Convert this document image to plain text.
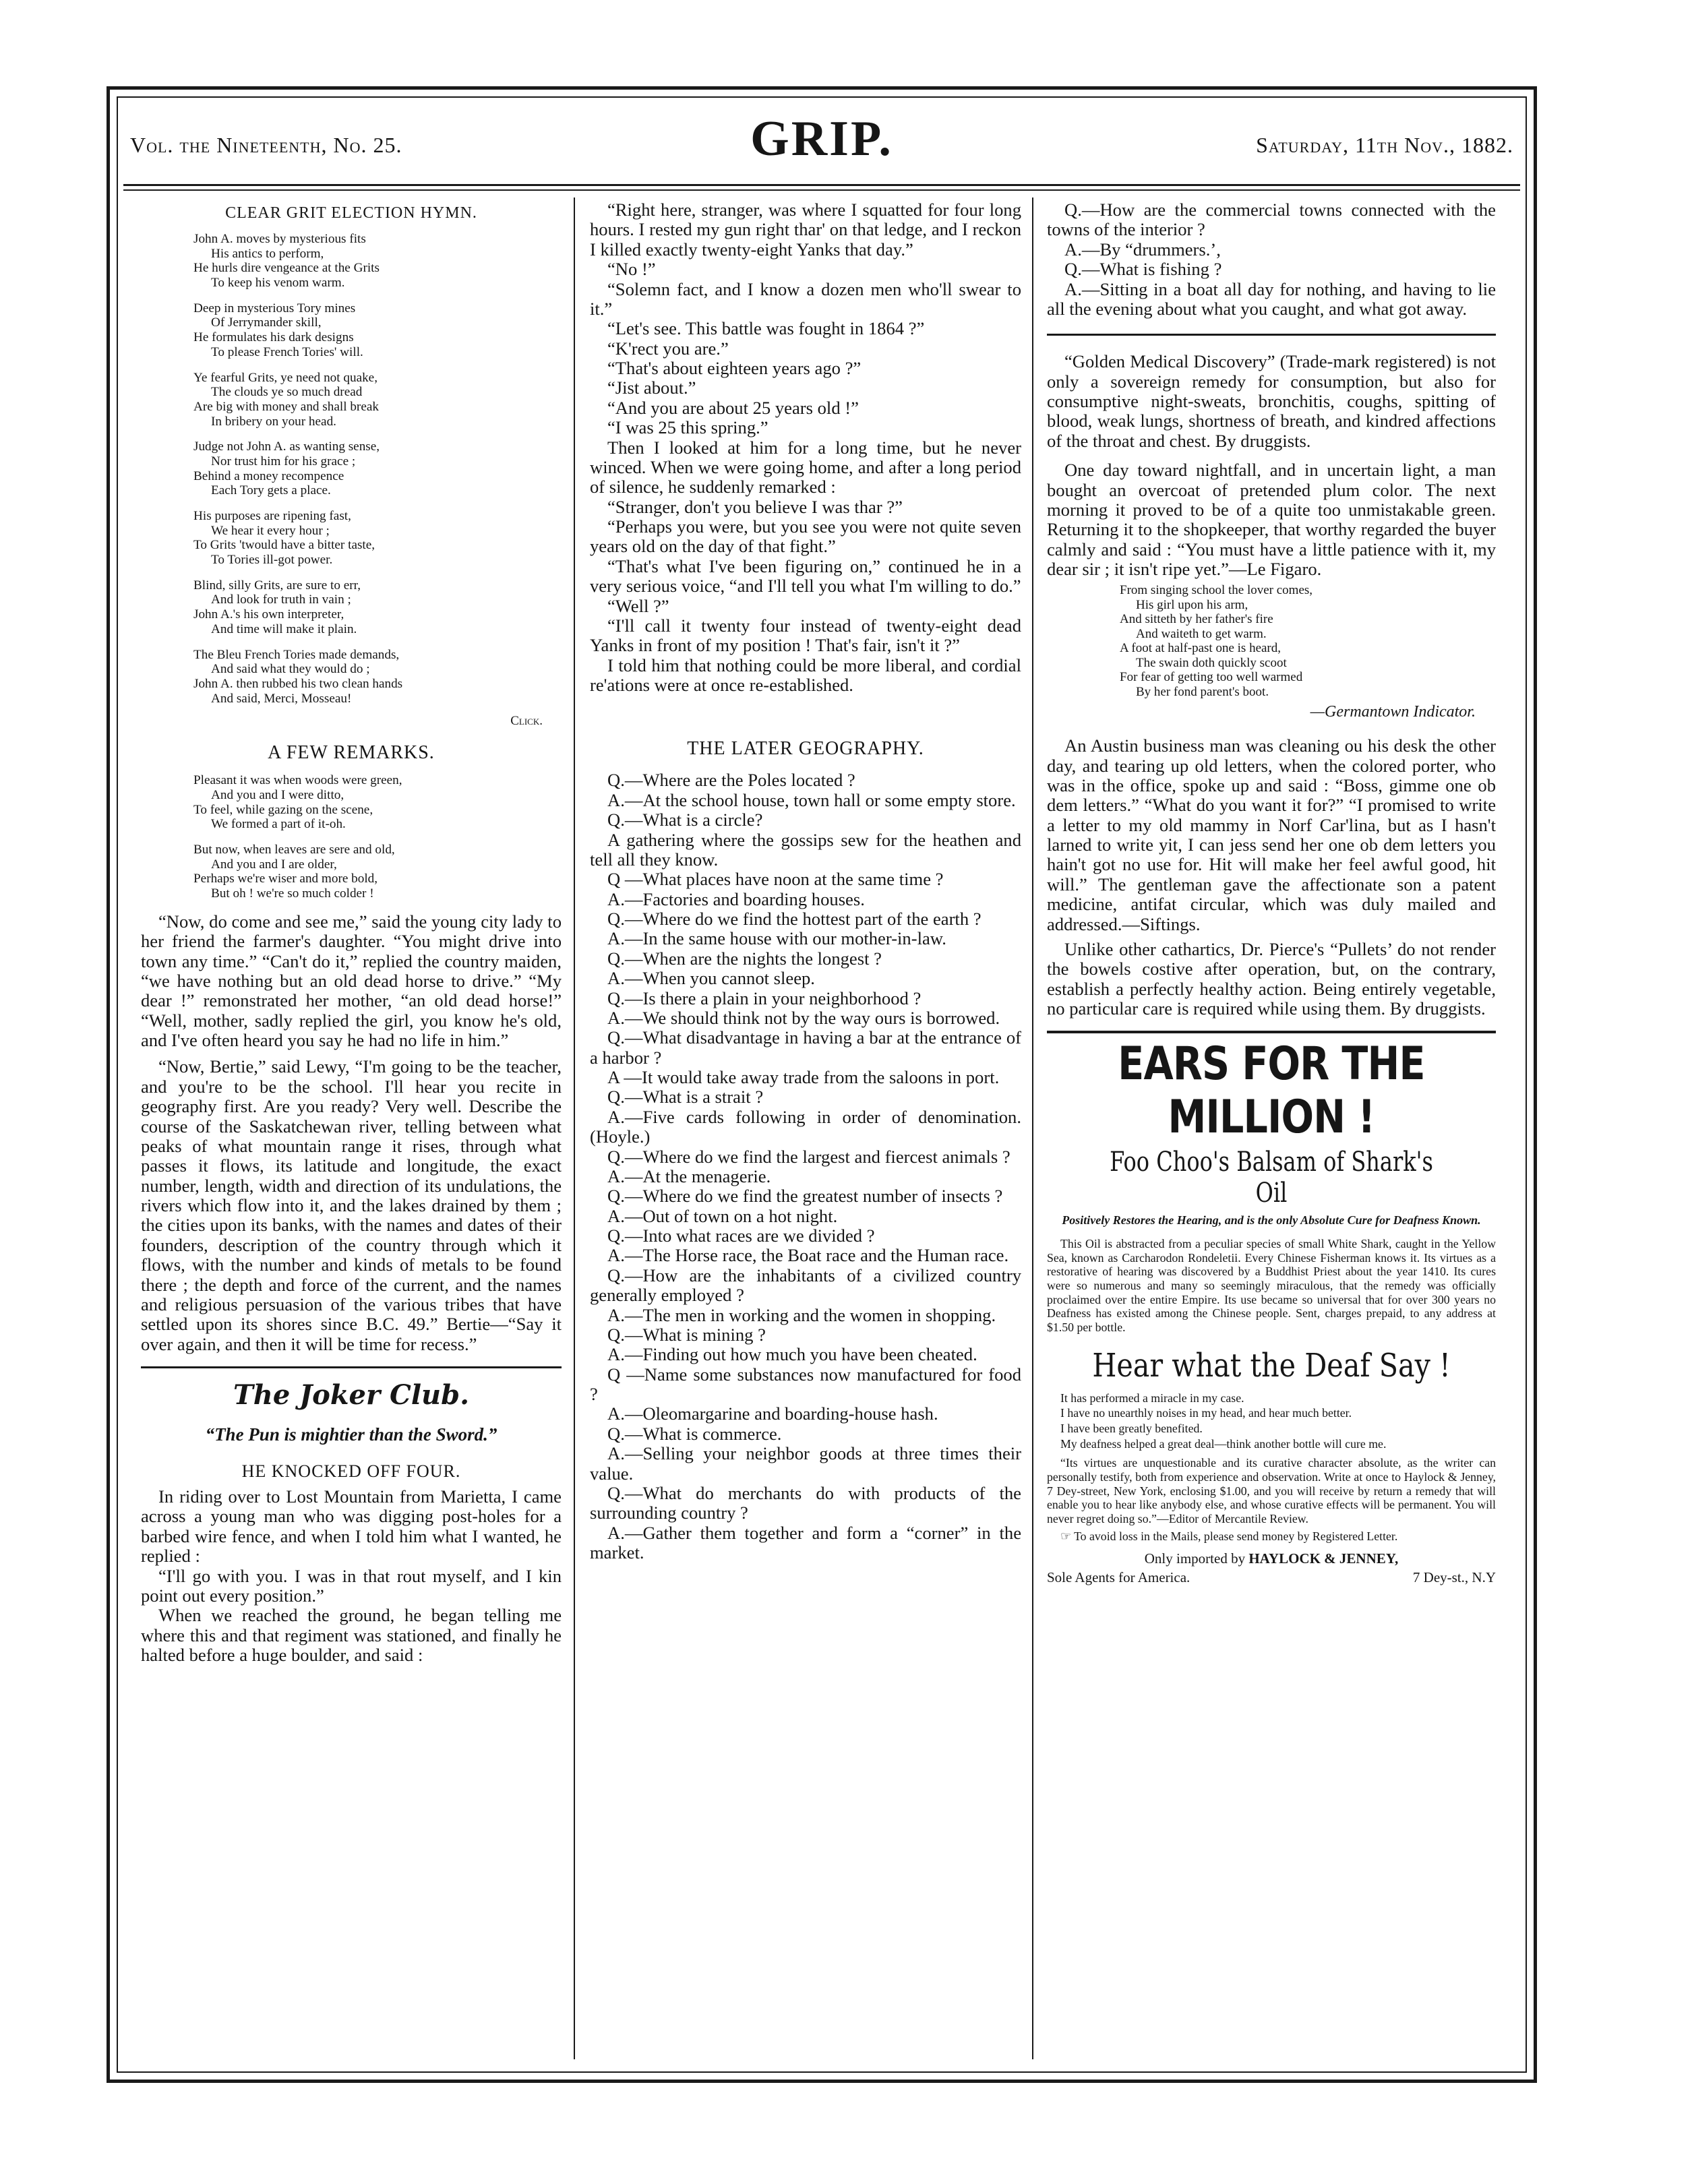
Vol. the Nineteenth, No. 25.	GRIP.	Saturday, 11th Nov., 1882.
CLEAR GRIT ELECTION HYMN.
John A. moves by mysterious fits
His antics to perform,
He hurls dire vengeance at the Grits
To keep his venom warm.
Deep in mysterious Tory mines
Of Jerrymander skill,
He formulates his dark designs
To please French Tories' will.
Ye fearful Grits, ye need not quake,
The clouds ye so much dread
Are big with money and shall break
In bribery on your head.
Judge not John A. as wanting sense,
Nor trust him for his grace ;
Behind a money recompence
Each Tory gets a place.
His purposes are ripening fast,
We hear it every hour ;
To Grits 'twould have a bitter taste,
To Tories ill-got power.
Blind, silly Grits, are sure to err,
And look for truth in vain ;
John A.'s his own interpreter,
And time will make it plain.
The Bleu French Tories made demands,
And said what they would do ;
John A. then rubbed his two clean hands
And said, Merci, Mosseau!
Click.
A FEW REMARKS.
Pleasant it was when woods were green,
And you and I were ditto,
To feel, while gazing on the scene,
We formed a part of it-oh.
But now, when leaves are sere and old,
And you and I are older,
Perhaps we're wiser and more bold,
But oh ! we're so much colder !

“Now, do come and see me,” said the young city lady to her friend the farmer's daughter. “You might drive into town any time.” “Can't do it,” replied the country maiden, “we have nothing but an old dead horse to drive.” “My dear !” remonstrated her mother, “an old dead horse!” “Well, mother, sadly replied the girl, you know he's old, and I've often heard you say he had no life in him.”

“Now, Bertie,” said Lewy, “I'm going to be the teacher, and you're to be the school. I'll hear you recite in geography first. Are you ready? Very well. Describe the course of the Saskatchewan river, telling between what peaks of what mountain range it rises, through what passes it flows, its latitude and longitude, the exact number, length, width and direction of its undulations, the rivers which flow into it, and the lakes drained by them ; the cities upon its banks, with the names and dates of their founders, description of the country through which it flows, with the number and kinds of metals to be found there ; the depth and force of the current, and the names and religious persuasion of the various tribes that have settled upon its shores since B.C. 49.” Bertie—“Say it over again, and then it will be time for recess.”

The Joker Club.
“The Pun is mightier than the Sword.”
HE KNOCKED OFF FOUR.

In riding over to Lost Mountain from Marietta, I came across a young man who was digging post-holes for a barbed wire fence, and when I told him what I wanted, he replied :

“I'll go with you. I was in that rout myself, and I kin point out every position.”

When we reached the ground, he began telling me where this and that regiment was stationed, and finally he halted before a huge boulder, and said :

“Right here, stranger, was where I squatted for four long hours. I rested my gun right thar' on that ledge, and I reckon I killed exactly twenty-eight Yanks that day.”

“No !”

“Solemn fact, and I know a dozen men who'll swear to it.”

“Let's see. This battle was fought in 1864 ?”

“K'rect you are.”

“That's about eighteen years ago ?”

“Jist about.”

“And you are about 25 years old !”

“I was 25 this spring.”

Then I looked at him for a long time, but he never winced. When we were going home, and after a long period of silence, he suddenly remarked :

“Stranger, don't you believe I was thar ?”

“Perhaps you were, but you see you were not quite seven years old on the day of that fight.”

“That's what I've been figuring on,” continued he in a very serious voice, “and I'll tell you what I'm willing to do.”

“Well ?”

“I'll call it twenty four instead of twenty-eight dead Yanks in front of my position ! That's fair, isn't it ?”

I told him that nothing could be more liberal, and cordial re'ations were at once re-established.

THE LATER GEOGRAPHY.

Q.—Where are the Poles located ?

A.—At the school house, town hall or some empty store.

Q.—What is a circle?

A gathering where the gossips sew for the heathen and tell all they know.

Q —What places have noon at the same time ?

A.—Factories and boarding houses.

Q.—Where do we find the hottest part of the earth ?

A.—In the same house with our mother-in-law.

Q.—When are the nights the longest ?

A.—When you cannot sleep.

Q.—Is there a plain in your neighborhood ?

A.—We should think not by the way ours is borrowed.

Q.—What disadvantage in having a bar at the entrance of a harbor ?

A —It would take away trade from the saloons in port.

Q.—What is a strait ?

A.—Five cards following in order of denomination. (Hoyle.)

Q.—Where do we find the largest and fiercest animals ?

A.—At the menagerie.

Q.—Where do we find the greatest number of insects ?

A.—Out of town on a hot night.

Q.—Into what races are we divided ?

A.—The Horse race, the Boat race and the Human race.

Q.—How are the inhabitants of a civilized country generally employed ?

A.—The men in working and the women in shopping.

Q.—What is mining ?

A.—Finding out how much you have been cheated.

Q —Name some substances now manufactured for food ?

A.—Oleomargarine and boarding-house hash.

Q.—What is commerce.

A.—Selling your neighbor goods at three times their value.

Q.—What do merchants do with products of the surrounding country ?

A.—Gather them together and form a “corner” in the market.

Q.—How are the commercial towns connected with the towns of the interior ?

A.—By “drummers.’,

Q.—What is fishing ?

A.—Sitting in a boat all day for nothing, and having to lie all the evening about what you caught, and what got away.

“Golden Medical Discovery” (Trade-mark registered) is not only a sovereign remedy for consumption, but also for consumptive night-sweats, bronchitis, coughs, spitting of blood, weak lungs, shortness of breath, and kindred affections of the throat and chest. By druggists.

One day toward nightfall, and in uncertain light, a man bought an overcoat of pretended plum color. The next morning it proved to be of a quite too unmistakable green. Returning it to the shopkeeper, that worthy regarded the buyer calmly and said : “You must have a little patience with it, my dear sir ; it isn't ripe yet.”—Le Figaro.

From singing school the lover comes,
His girl upon his arm,
And sitteth by her father's fire
And waiteth to get warm.
A foot at half-past one is heard,
The swain doth quickly scoot
For fear of getting too well warmed
By her fond parent's boot.
—Germantown Indicator.

An Austin business man was cleaning ou his desk the other day, and tearing up old letters, when the colored porter, who was in the office, spoke up and said : “Boss, gimme one ob dem letters.” “What do you want it for?” “I promised to write a letter to my old mammy in Norf Car'lina, but as I hasn't larned to write yit, I can jess send her one ob dem letters you hain't got no use for. Hit will make her feel awful good, hit will.” The gentleman gave the affectionate son a patent medicine, antifat circular, which was duly mailed and addressed.—Siftings.

Unlike other cathartics, Dr. Pierce's “Pullets’ do not render the bowels costive after operation, but, on the contrary, establish a perfectly healthy action. Being entirely vegetable, no particular care is required while using them. By druggists.

EARS FOR THE MILLION !
Foo Choo's Balsam of Shark's Oil
Positively Restores the Hearing, and is the only Absolute Cure for Deafness Known.

This Oil is abstracted from a peculiar species of small White Shark, caught in the Yellow Sea, known as Carcharodon Rondeletii. Every Chinese Fisherman knows it. Its virtues as a restorative of hearing was discovered by a Buddhist Priest about the year 1410. Its cures were so numerous and many so seemingly miraculous, that the remedy was officially proclaimed over the entire Empire. Its use became so universal that for over 300 years no Deafness has existed among the Chinese people. Sent, charges prepaid, to any address at $1.50 per bottle.

Hear what the Deaf Say !
It has performed a miracle in my case.
I have no unearthly noises in my head, and hear much better.
I have been greatly benefited.
My deafness helped a great deal—think another bottle will cure me.

“Its virtues are unquestionable and its curative character absolute, as the writer can personally testify, both from experience and observation. Write at once to Haylock & Jenney, 7 Dey-street, New York, enclosing $1.00, and you will receive by return a remedy that will enable you to hear like anybody else, and whose curative effects will be permanent. You will never regret doing so.”—Editor of Mercantile Review.

☞ To avoid loss in the Mails, please send money by Registered Letter.

Only imported by HAYLOCK & JENNEY,
Sole Agents for America.	7 Dey-st., N.Y
